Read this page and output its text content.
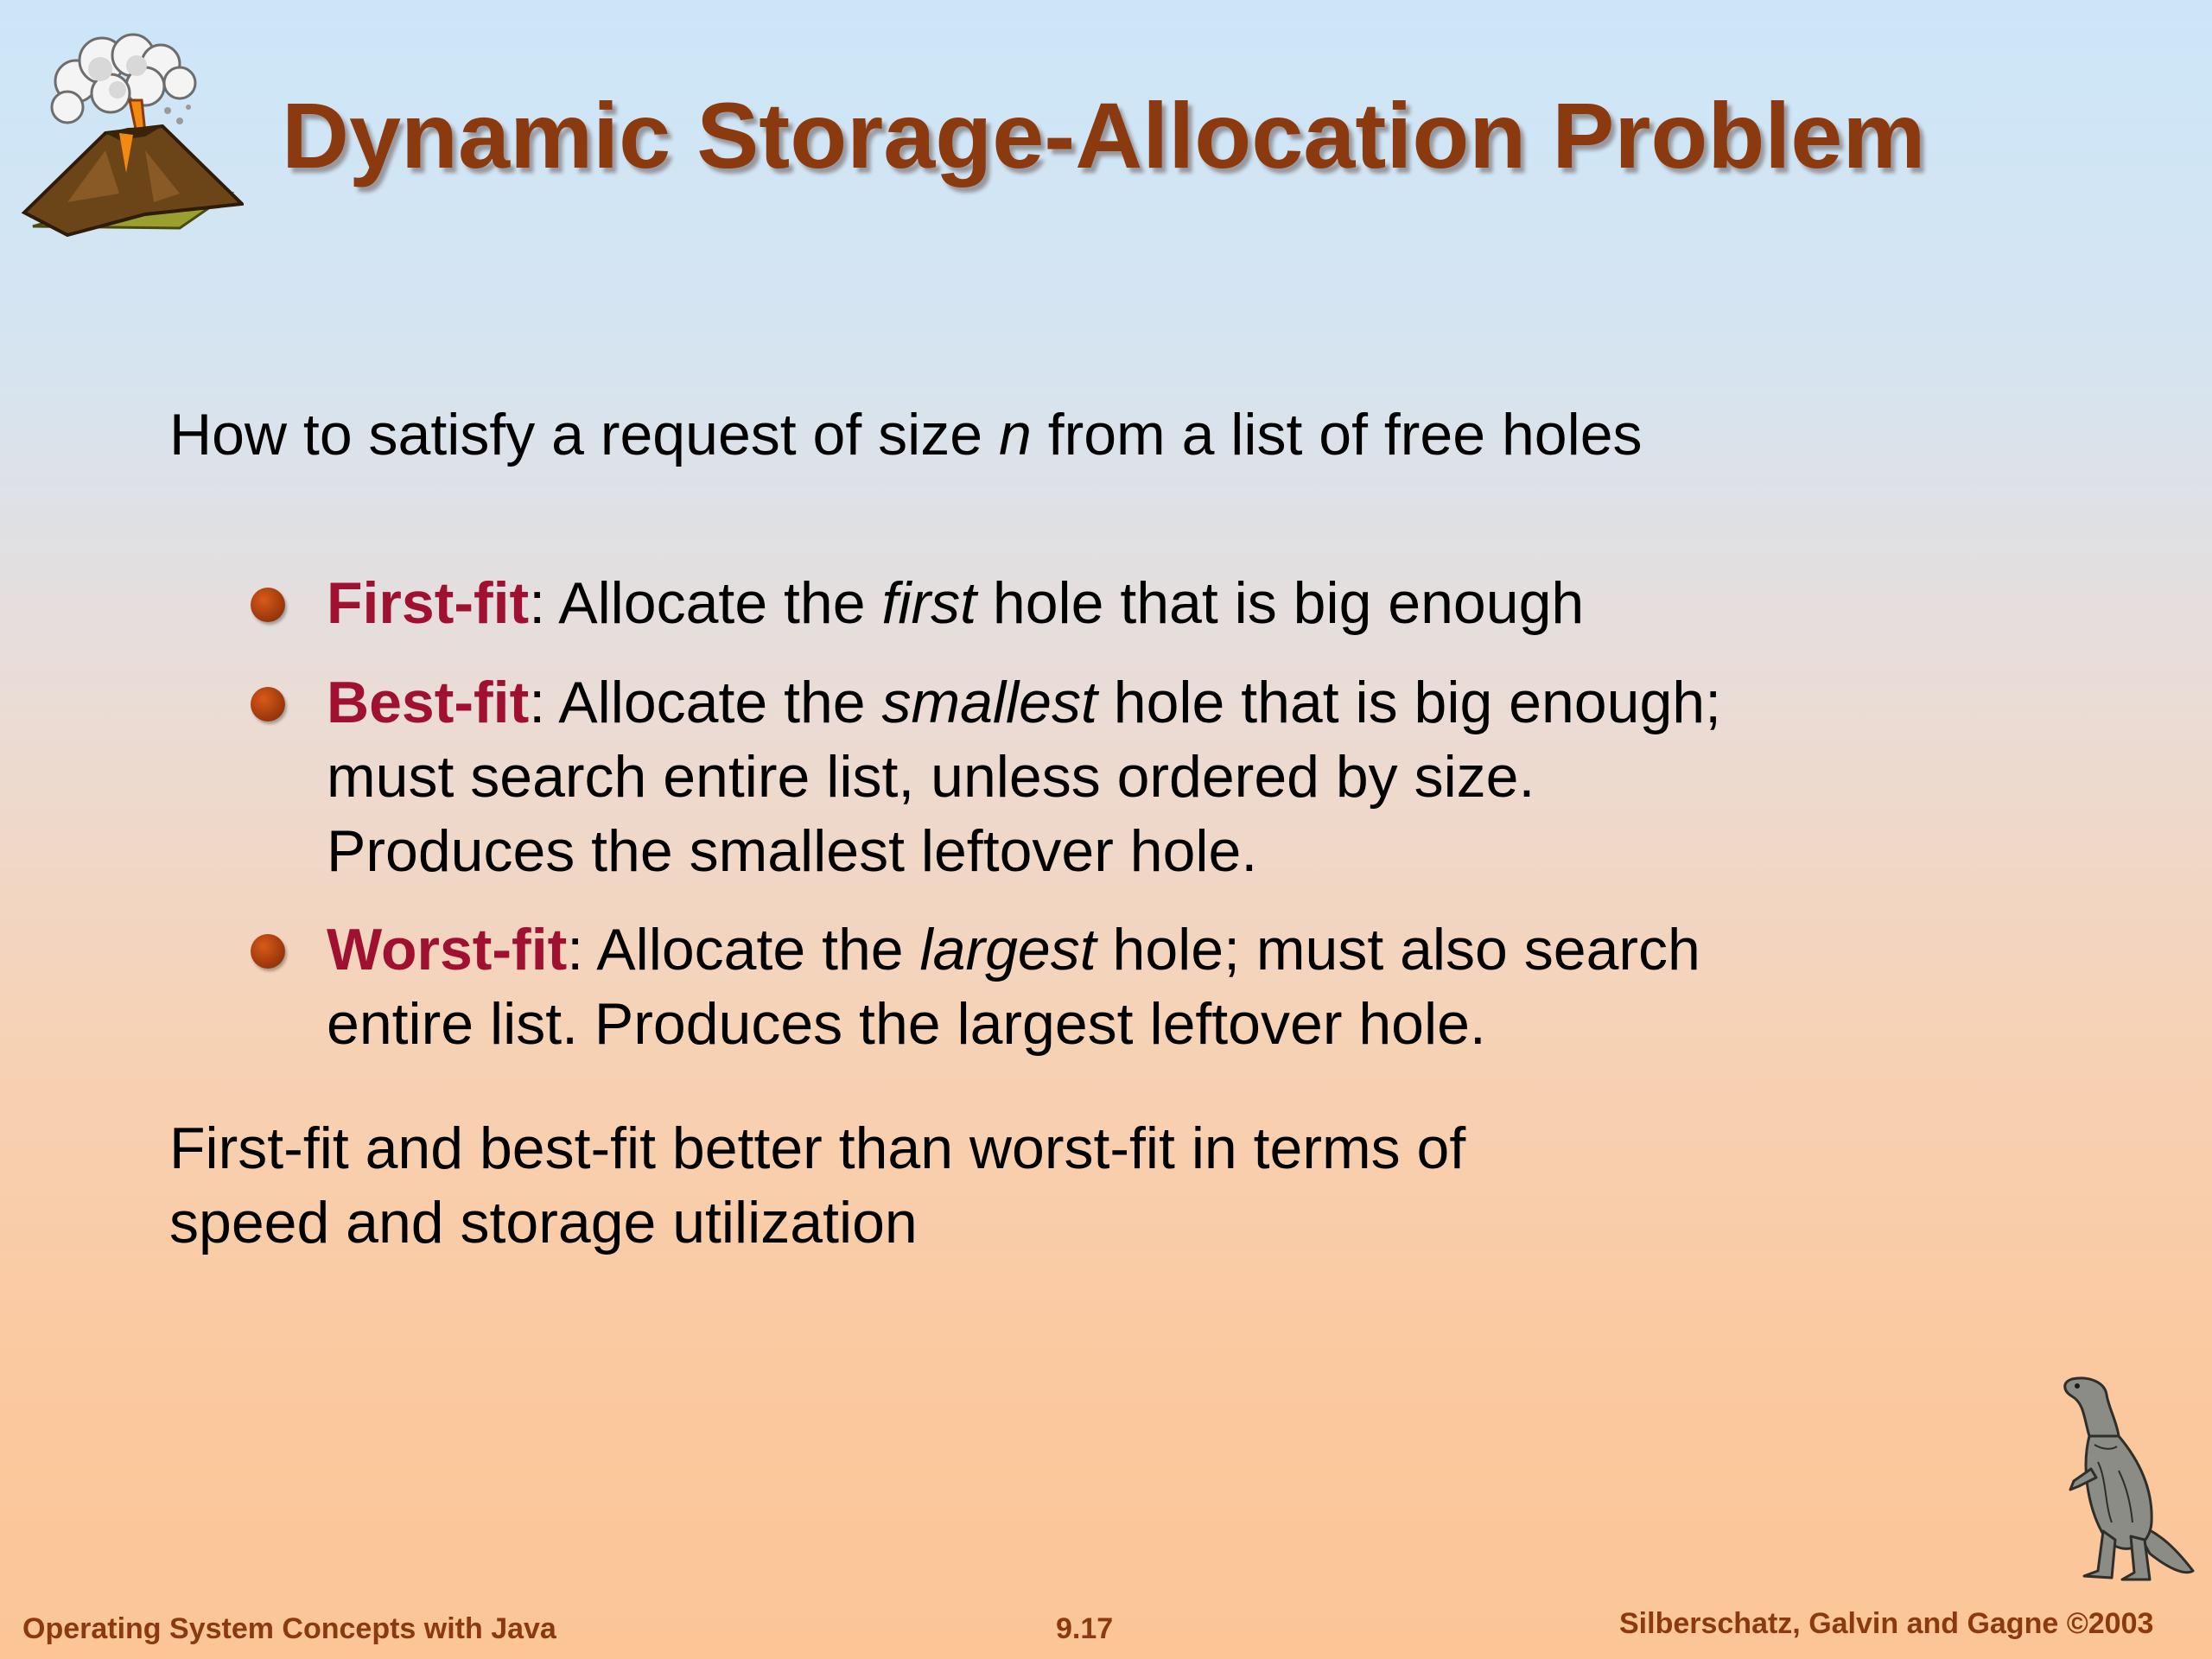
Dynamic Storage-Allocation Problem
How to satisfy a request of size n from a list of free holes
First-fit: Allocate the first hole that is big enough
Best-fit: Allocate the smallest hole that is big enough;
must search entire list, unless ordered by size.
Produces the smallest leftover hole.
Worst-fit: Allocate the largest hole; must also search
entire list. Produces the largest leftover hole.
First-fit and best-fit better than worst-fit in terms of
speed and storage utilization
Operating System Concepts with Java	9.17	Silberschatz, Galvin and Gagne ©2003
